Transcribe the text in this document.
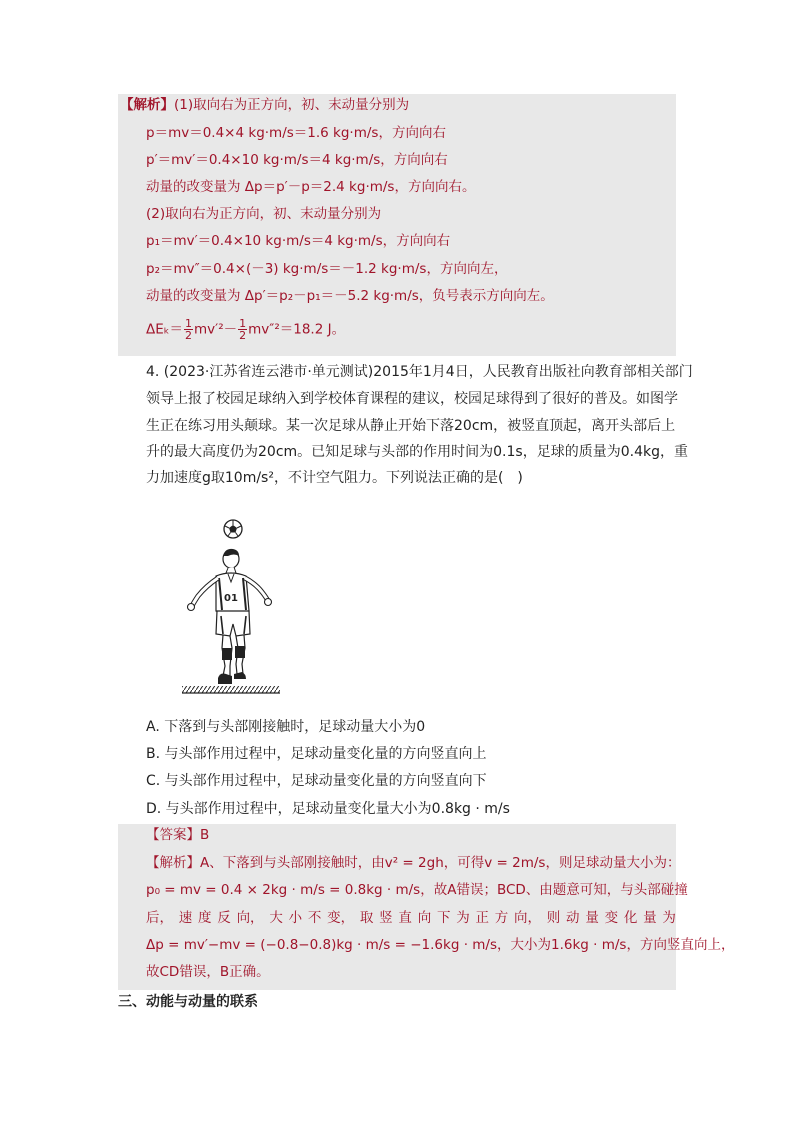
【解析】(1)取向右为正方向，初、末动量分别为
p＝mv＝0.4×4 kg·m/s＝1.6 kg·m/s，方向向右
p′＝mv′＝0.4×10 kg·m/s＝4 kg·m/s，方向向右
动量的改变量为 Δp＝p′－p＝2.4 kg·m/s，方向向右。
(2)取向右为正方向，初、末动量分别为
p₁＝mv′＝0.4×10 kg·m/s＝4 kg·m/s，方向向右
p₂＝mv″＝0.4×(－3) kg·m/s＝－1.2 kg·m/s，方向向左，
动量的改变量为 Δp′＝p₂－p₁＝－5.2 kg·m/s，负号表示方向向左。
$\Delta E_k= \frac{1}{2} mv'^2- \frac{1}{2} mv''^2=18.2$ J。
4. (2023·江苏省连云港市·单元测试)2015年1月4日，人民教育出版社向教育部相关部门
领导上报了校园足球纳入到学校体育课程的建议，校园足球得到了很好的普及。如图学
生正在练习用头颠球。某一次足球从静止开始下落20cm，被竖直顶起，离开头部后上
升的最大高度仍为20cm。已知足球与头部的作用时间为0.1s，足球的质量为0.4kg，重
力加速度g取10m/s²，不计空气阻力。下列说法正确的是(　)
01
A. 下落到与头部刚接触时，足球动量大小为0
B. 与头部作用过程中，足球动量变化量的方向竖直向上
C. 与头部作用过程中，足球动量变化量的方向竖直向下
D. 与头部作用过程中，足球动量变化量大小为0.8kg · m/s
【答案】B
【解析】A、下落到与头部刚接触时，由v² = 2gh，可得v = 2m/s，则足球动量大小为：
p₀ = mv = 0.4 × 2kg · m/s = 0.8kg · m/s，故A错误；BCD、由题意可知，与头部碰撞
后， 速 度 反 向， 大 小 不 变， 取 竖 直 向 下 为 正 方 向， 则 动 量 变 化 量 为
Δp = mv′−mv = (−0.8−0.8)kg · m/s = −1.6kg · m/s，大小为1.6kg · m/s，方向竖直向上，
故CD错误，B正确。
三、动能与动量的联系
